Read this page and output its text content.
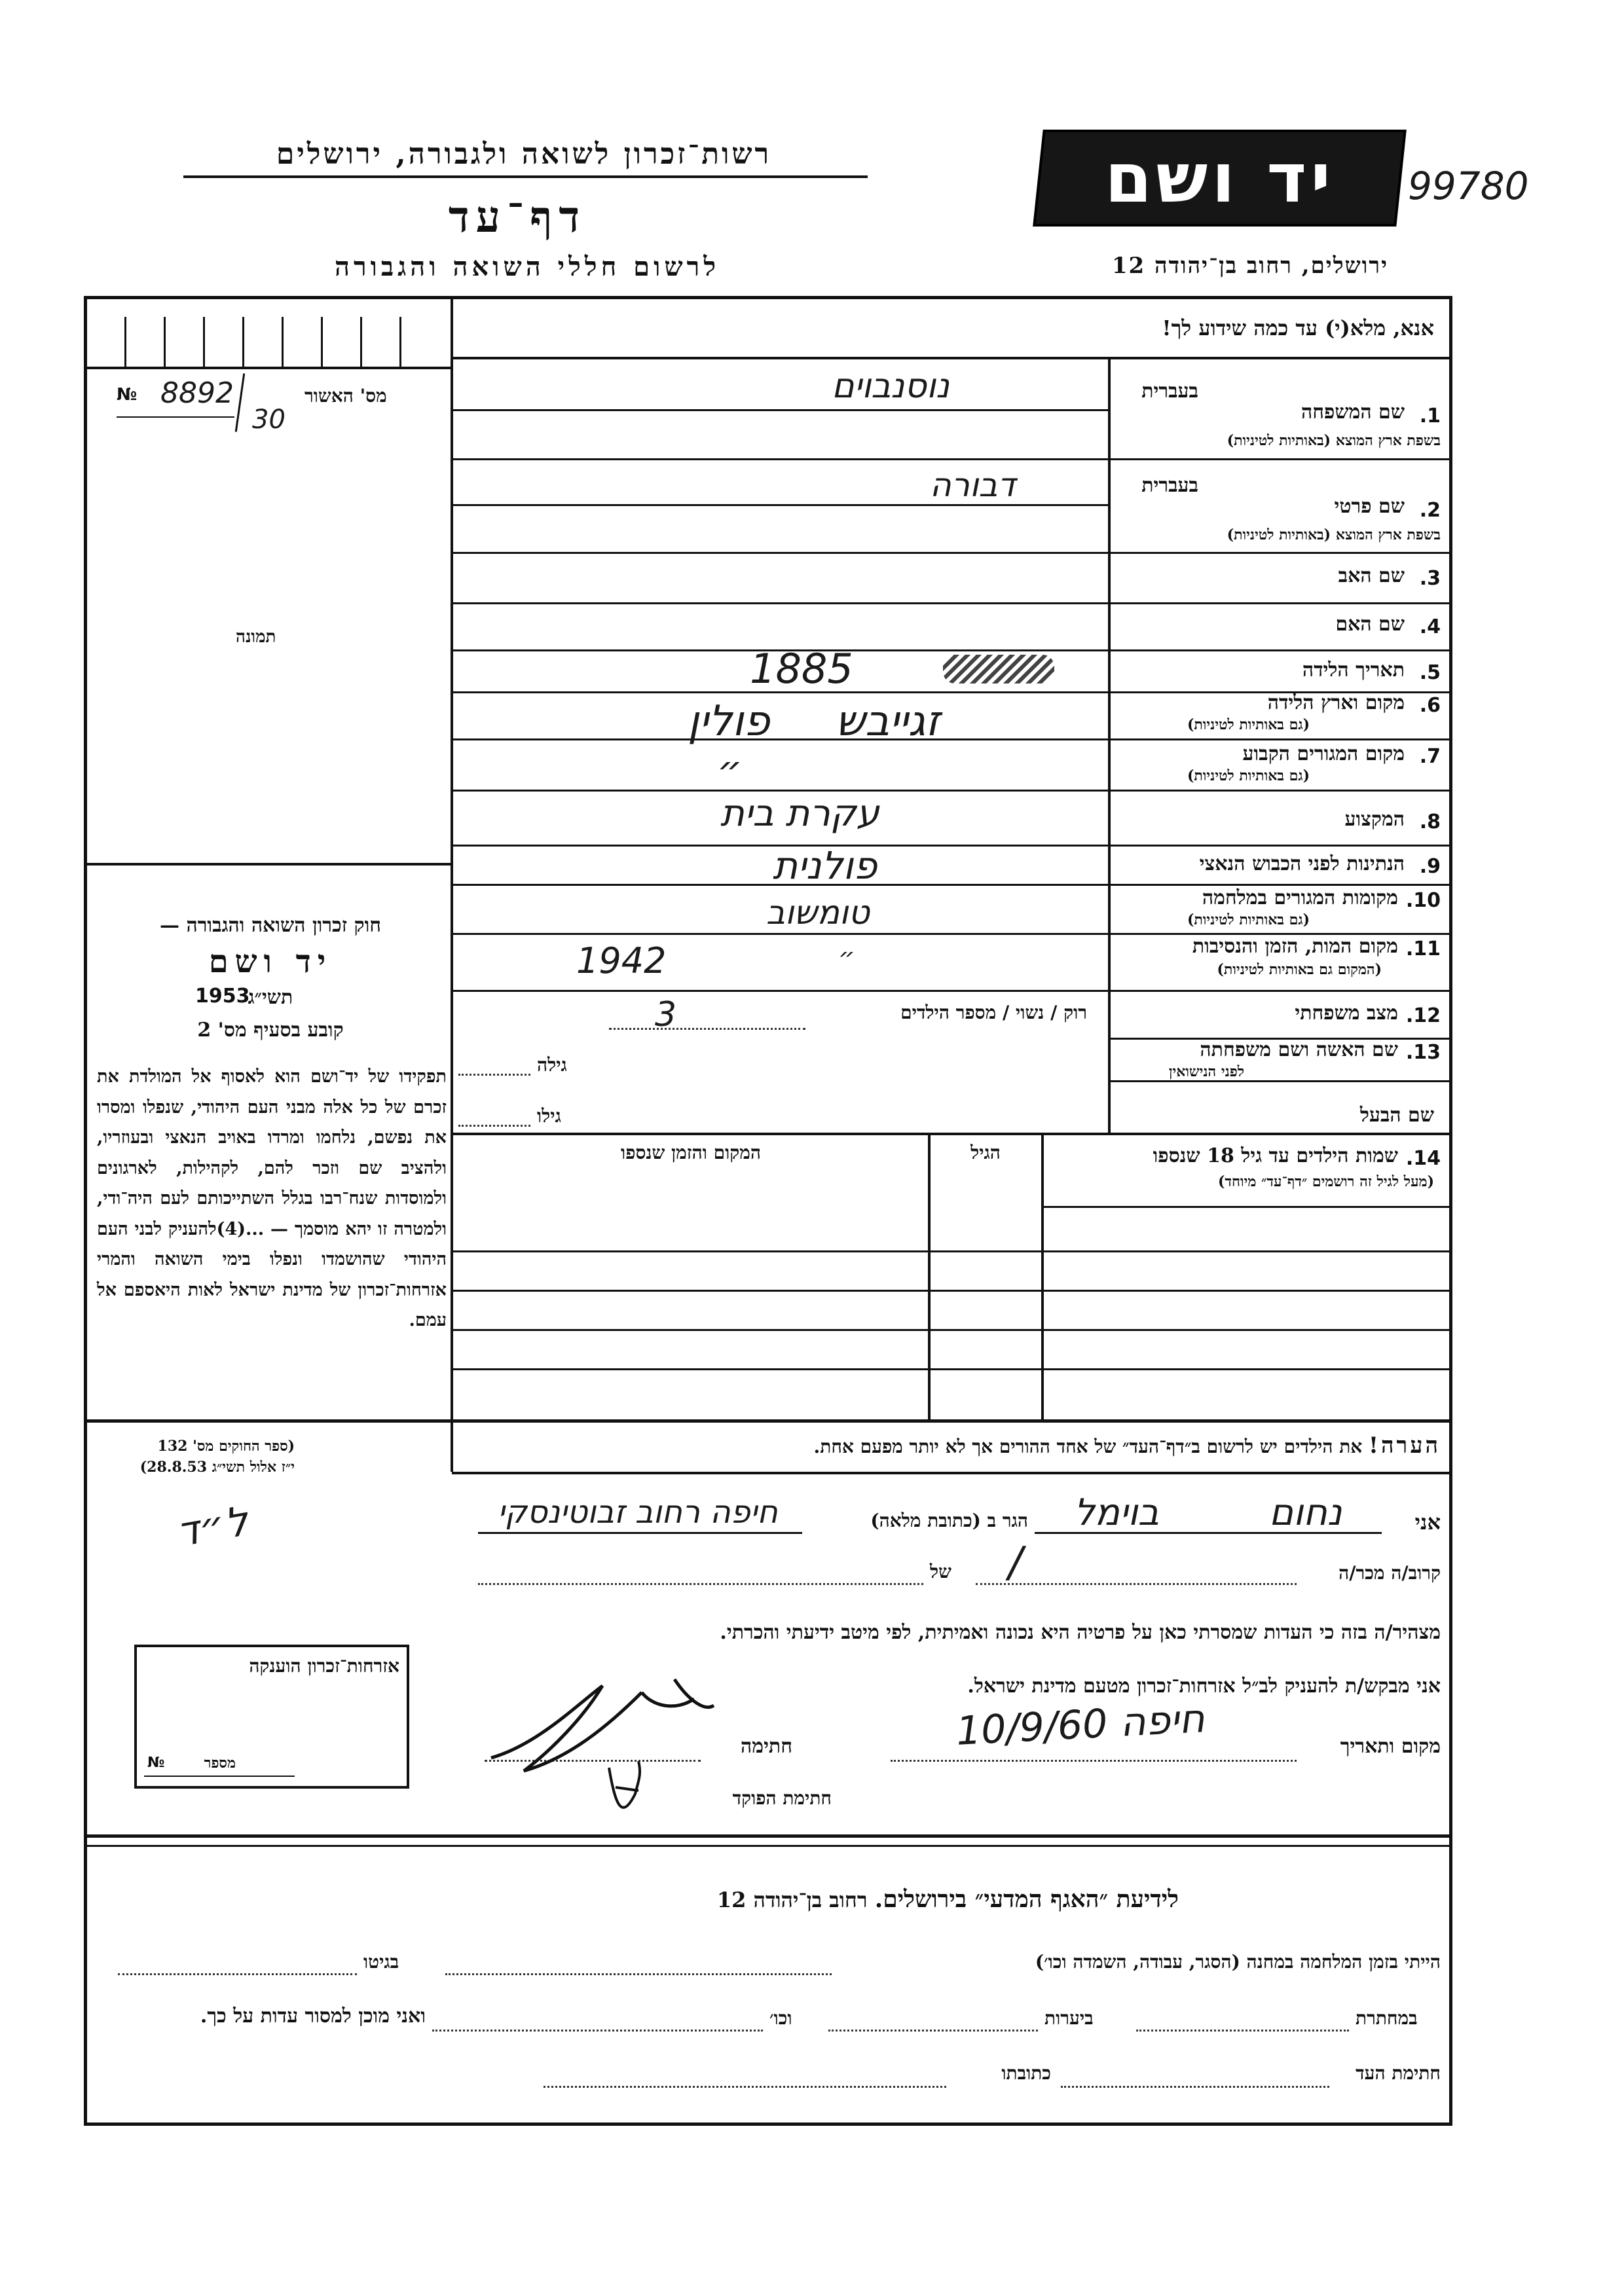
רשות־זכרון לשואה ולגבורה, ירושלים
דף־עד
לרשום חללי השואה והגבורה
יד ושם
ירושלים, רחוב בן־יהודה 12
99780
מס' האשור
№ 8892
30
תמונה
חוק זכרון השואה והגבורה —
יד ושם
תשי״ג
1953
קובע בסעיף מס' 2
תפקידו של יד־ושם הוא לאסוף אל המולדת את זכרם של כל אלה מבני העם היהודי, שנפלו ומסרו את נפשם, נלחמו ומרדו באויב הנאצי ובעוזריו, ולהציב שם וזכר להם, לקהילות, לארגונים ולמוסדות שנח־רבו בגלל השתייכותם לעם היה־ודי, ולמטרה זו יהא מוסמך — ...(4)להעניק לבני העם היהודי שהושמדו ונפלו בימי השואה והמרי אזרחות־זכרון של מדינת ישראל לאות היאספם אל עמם.
(ספר החוקים מס' 132
י״ז אלול תשי״ג 28.8.53)
אנא, מלא(י) עד כמה שידוע לך!
בעברית
1.
שם המשפחה
בשפת ארץ המוצא (באותיות לטיניות)
נוסנבוים
בעברית
2.
שם פרטי
בשפת ארץ המוצא (באותיות לטיניות)
דבורה
3.
שם האב
4.
שם האם
5.
תאריך הלידה
1885
6.
מקום וארץ הלידה
(גם באותיות לטיניות)
זגייבש פולין
7.
מקום המגורים הקבוע
(גם באותיות לטיניות)
״
8.
המקצוע
עקרת בית
9.
הנתינות לפני הכבוש הנאצי
פולנית
10.
מקומות המגורים במלחמה
(גם באותיות לטיניות)
טומשוב
11.
מקום המות, הזמן והנסיבות
(המקום גם באותיות לטיניות)
1942	״
12.
מצב משפחתי
רוק / נשוי / מספר הילדים
3
13.
שם האשה ושם משפחתה
לפני הנישואין
גילה
שם הבעל
גילו
14.
שמות הילדים עד גיל 18 שנספו
(מעל לגיל זה רושמים ״דף־עד״ מיוחד)
הגיל
המקום והזמן שנספו
הערה! את הילדים יש לרשום ב״דף־העד״ של אחד ההורים אך לא יותר מפעם אחת.
אני
נחום בוימל
הגר ב (כתובת מלאה)
חיפה רחוב זבוטינסקי
ל״ד
קרוב/ה מכר/ה
של /
מצהיר/ה בזה כי העדות שמסרתי כאן על פרטיה היא נכונה ואמיתית, לפי מיטב ידיעתי והכרתי.
אני מבקש/ת להעניק לב״ל אזרחות־זכרון מטעם מדינת ישראל.
מקום ותאריך
חיפה 10/9/60
חתימה
חתימת הפוקד
אזרחות־זכרון הוענקה
מספר
№
לידיעת ״האגף המדעי״ בירושלים. רחוב בן־יהודה 12
הייתי בזמן המלחמה במחנה (הסגר, עבודה, השמדה וכו׳)
בגיטו
במחתרת
ביערות
וכו׳
ואני מוכן למסור עדות על כך.
חתימת העד
כתובתו
